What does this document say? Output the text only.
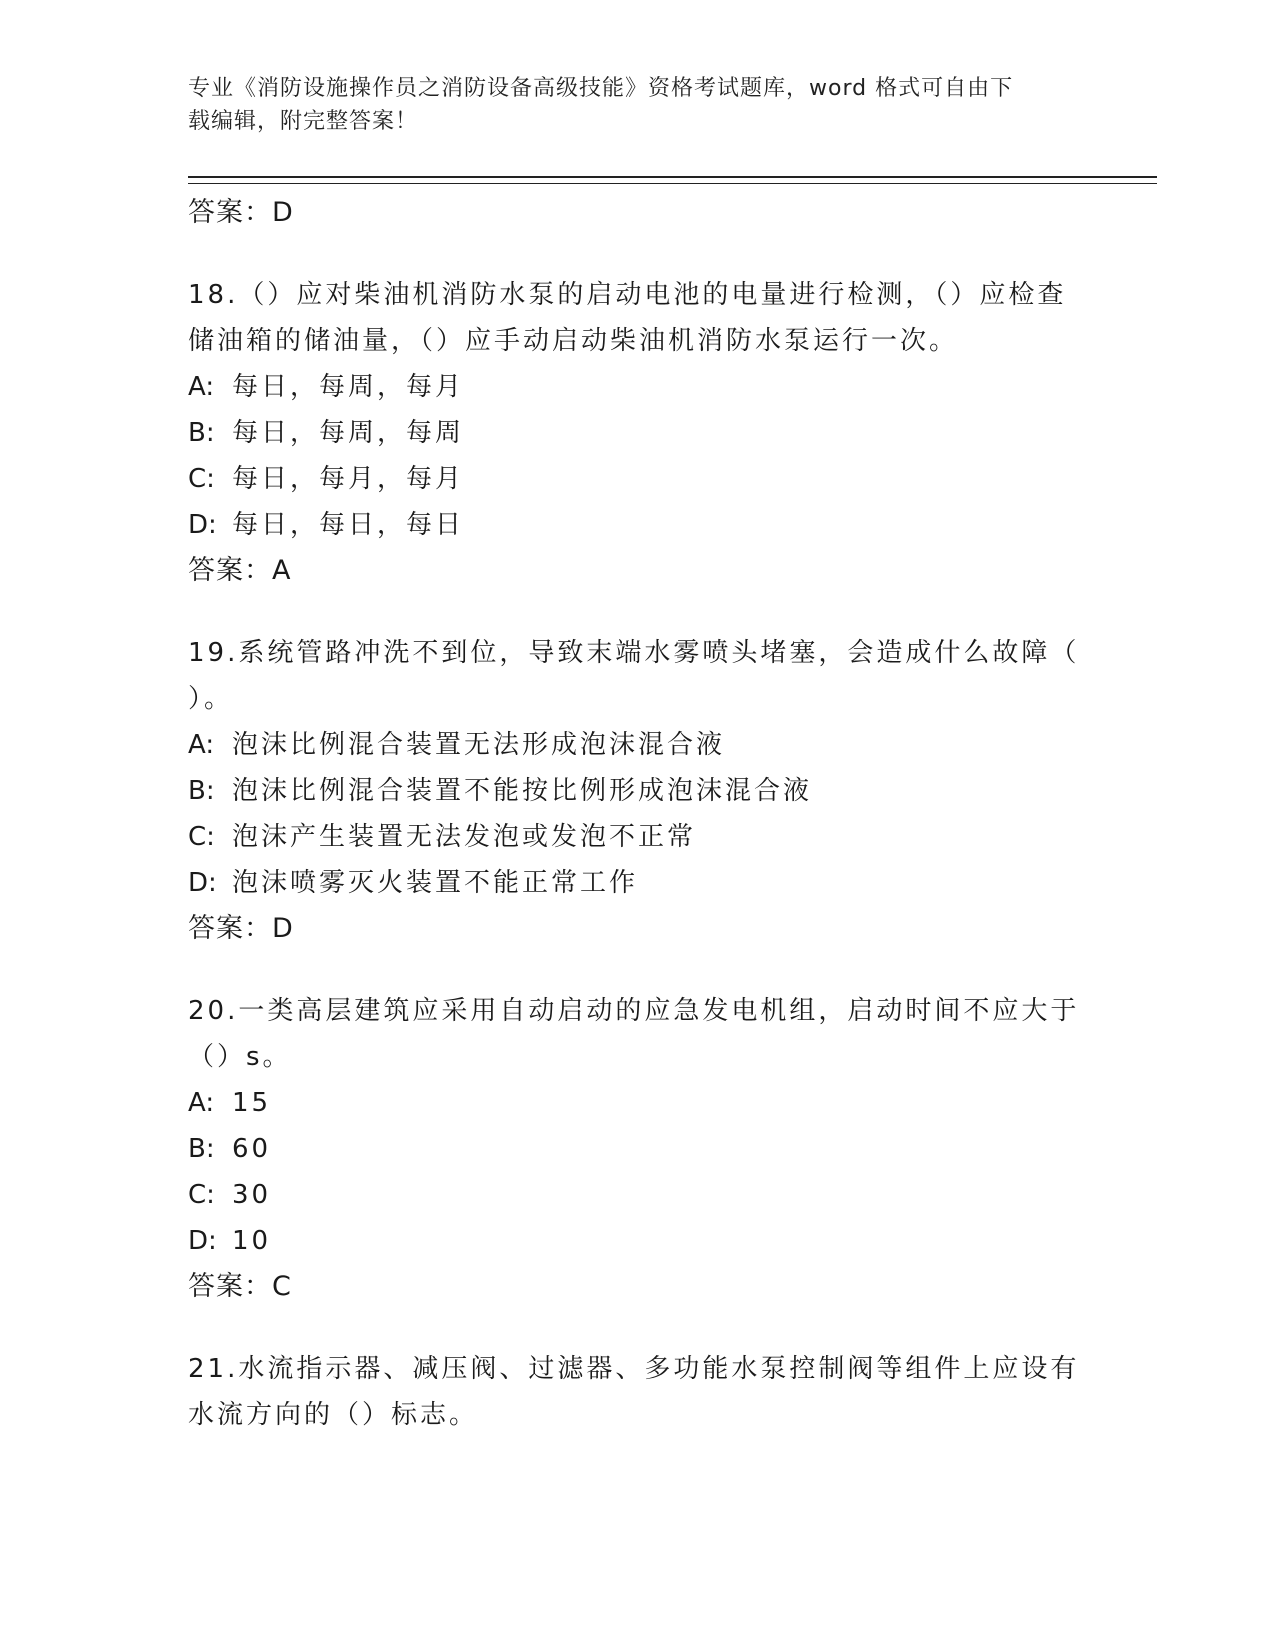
专业《消防设施操作员之消防设备高级技能》资格考试题库，word 格式可自由下
载编辑，附完整答案！
答案：D
18.（）应对柴油机消防水泵的启动电池的电量进行检测，（）应检查
储油箱的储油量，（）应手动启动柴油机消防水泵运行一次。
A: 每日，每周，每月
B: 每日，每周，每周
C: 每日，每月，每月
D: 每日，每日，每日
答案：A
19.系统管路冲洗不到位，导致末端水雾喷头堵塞，会造成什么故障（
）。
A: 泡沫比例混合装置无法形成泡沫混合液
B: 泡沫比例混合装置不能按比例形成泡沫混合液
C: 泡沫产生装置无法发泡或发泡不正常
D: 泡沫喷雾灭火装置不能正常工作
答案：D
20.一类高层建筑应采用自动启动的应急发电机组，启动时间不应大于
（）s。
A: 15
B: 60
C: 30
D: 10
答案：C
21.水流指示器、减压阀、过滤器、多功能水泵控制阀等组件上应设有
水流方向的（）标志。
